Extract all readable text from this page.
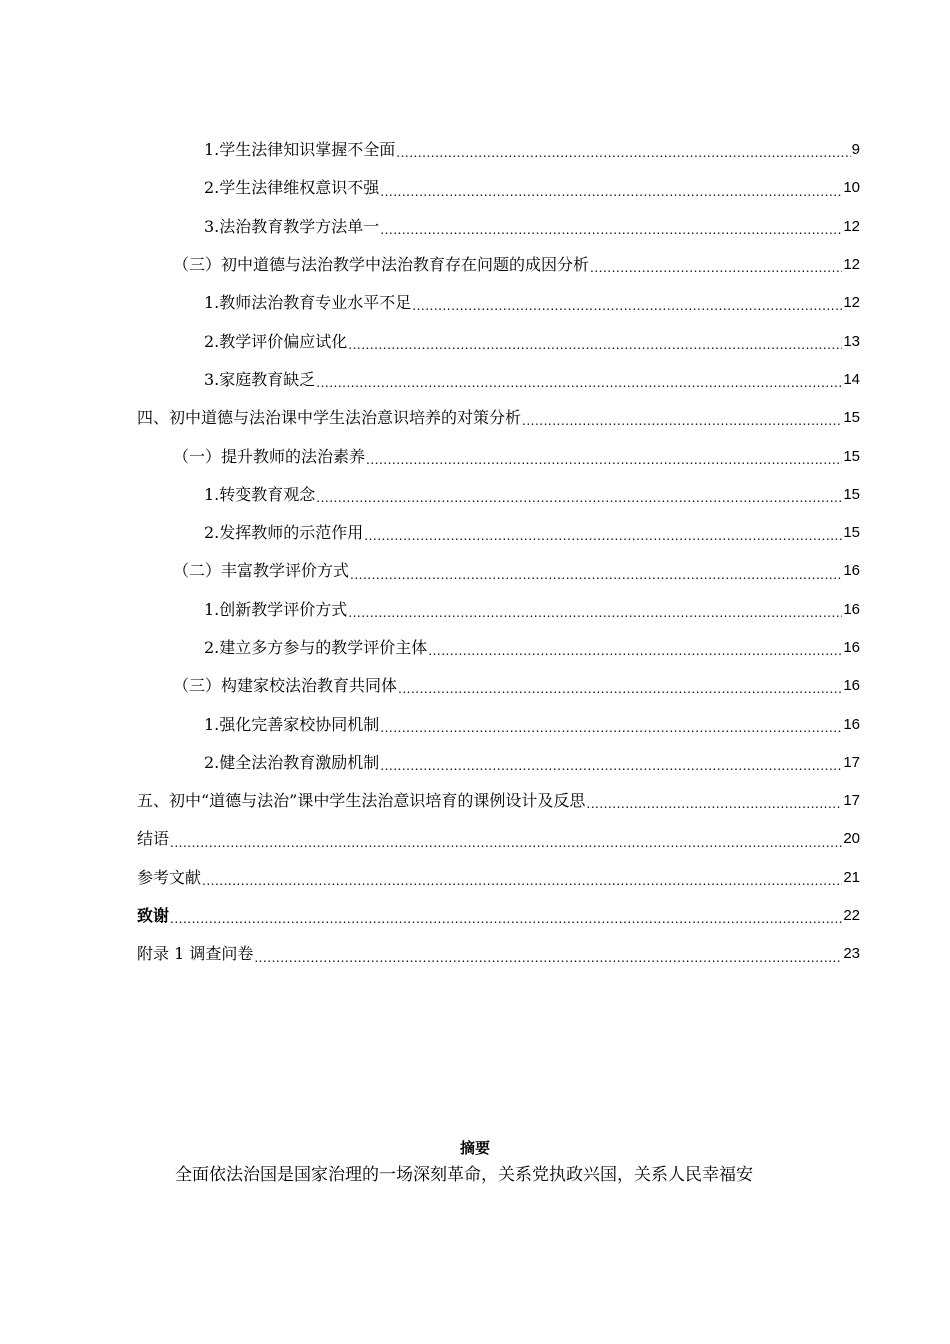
1.学生法律知识掌握不全面 .....	9
2.学生法律维权意识不强 .....	10
3.法治教育教学方法单一 .....	12
（三）初中道德与法治教学中法治教育存在问题的成因分析 .....	12
1.教师法治教育专业水平不足 .....	12
2.教学评价偏应试化 .....	13
3.家庭教育缺乏 .....	14
四、初中道德与法治课中学生法治意识培养的对策分析 .....	15
（一）提升教师的法治素养 .....	15
1.转变教育观念 .....	15
2.发挥教师的示范作用 .....	15
（二）丰富教学评价方式 .....	16
1.创新教学评价方式 .....	16
2.建立多方参与的教学评价主体 .....	16
（三）构建家校法治教育共同体 .....	16
1.强化完善家校协同机制 .....	16
2.健全法治教育激励机制 .....	17
五、初中“道德与法治”课中学生法治意识培育的课例设计及反思 .....	17
结语 .....	20
参考文献 .....	21
致谢 .....	22
附录 1 调查问卷 .....	23
摘要
全面依法治国是国家治理的一场深刻革命，关系党执政兴国，关系人民幸福安
